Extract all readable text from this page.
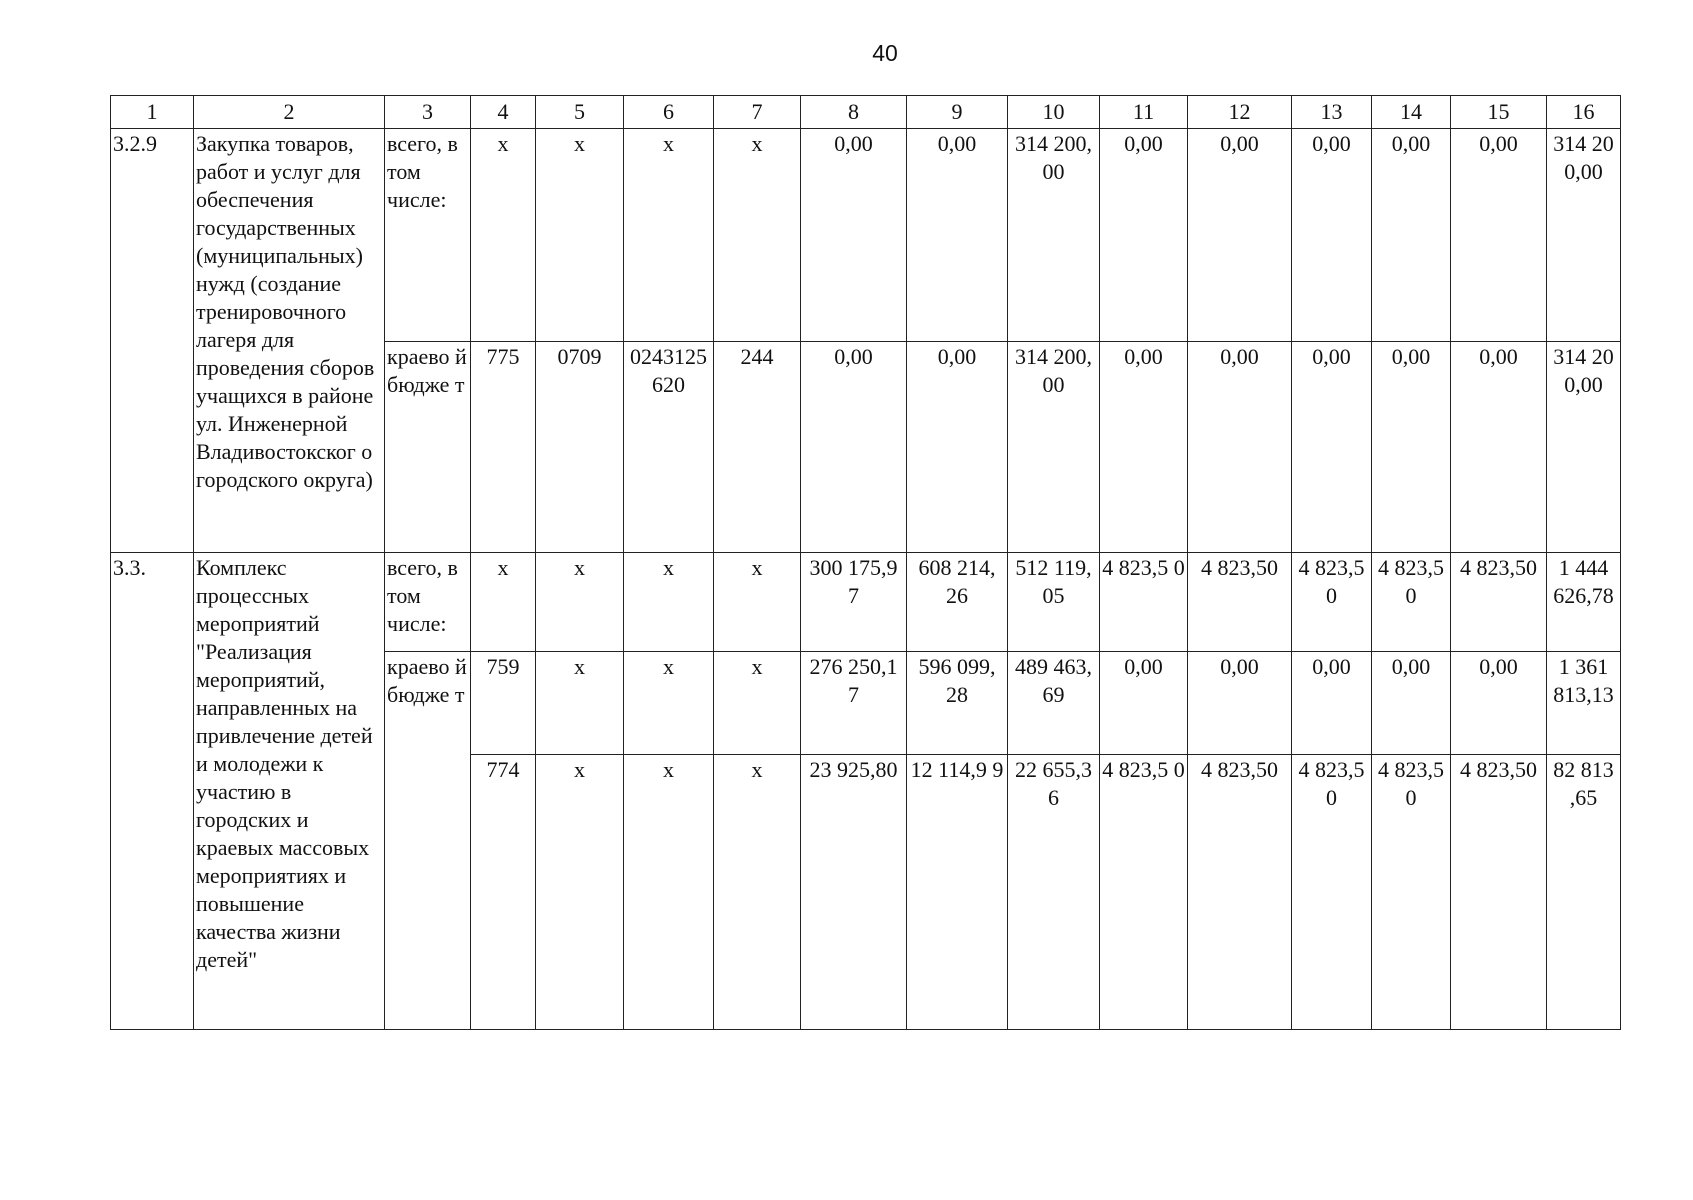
40
1	2	3	4	5	6	7	8	9	10	11	12	13	14	15	16
3.2.9	Закупка товаров, работ и услуг для обеспечения государственных (муниципальных) нужд (создание тренировочного лагеря для проведения сборов учащихся в районе ул. Инженерной Владивостокског о городского округа)	всего, в том числе:	x	x	x	x	0,00	0,00	314 200, 00	0,00	0,00	0,00	0,00	0,00	314 20 0,00
		краево й бюдже т	775	0709	0243125 620	244	0,00	0,00	314 200, 00	0,00	0,00	0,00	0,00	0,00	314 20 0,00
3.3.	Комплекс процессных мероприятий "Реализация мероприятий, направленных на привлечение детей и молодежи к участию в городских и краевых массовых мероприятиях и повышение качества жизни детей"	всего, в том числе:	x	x	x	x	300 175,9 7	608 214, 26	512 119, 05	4 823,5 0	4 823,50	4 823,5 0	4 823,5 0	4 823,50	1 444 626,78
		краево й бюдже т	759	x	x	x	276 250,1 7	596 099, 28	489 463, 69	0,00	0,00	0,00	0,00	0,00	1 361 813,13
			774	x	x	x	23 925,80	12 114,9 9	22 655,3 6	4 823,5 0	4 823,50	4 823,5 0	4 823,5 0	4 823,50	82 813 ,65
